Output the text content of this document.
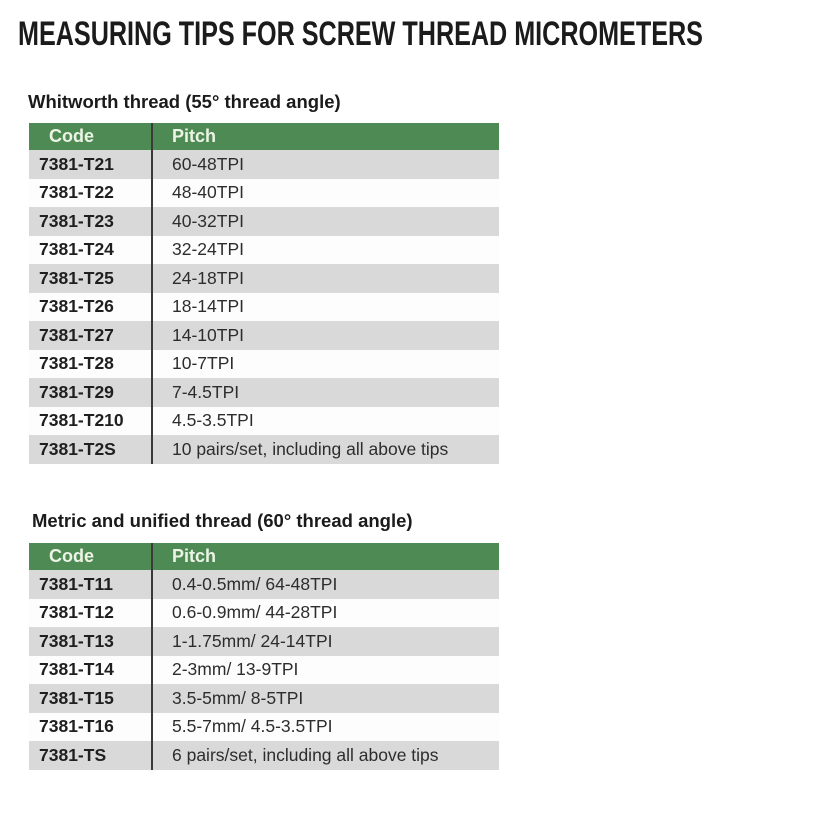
MEASURING TIPS FOR SCREW THREAD MICROMETERS
Whitworth thread (55° thread angle)
Code	Pitch
7381-T21	60-48TPI
7381-T22	48-40TPI
7381-T23	40-32TPI
7381-T24	32-24TPI
7381-T25	24-18TPI
7381-T26	18-14TPI
7381-T27	14-10TPI
7381-T28	10-7TPI
7381-T29	7-4.5TPI
7381-T210	4.5-3.5TPI
7381-T2S	10 pairs/set, including all above tips
Metric and unified thread (60° thread angle)
Code	Pitch
7381-T11	0.4-0.5mm/ 64-48TPI
7381-T12	0.6-0.9mm/ 44-28TPI
7381-T13	1-1.75mm/ 24-14TPI
7381-T14	2-3mm/ 13-9TPI
7381-T15	3.5-5mm/ 8-5TPI
7381-T16	5.5-7mm/ 4.5-3.5TPI
7381-TS	6 pairs/set, including all above tips
